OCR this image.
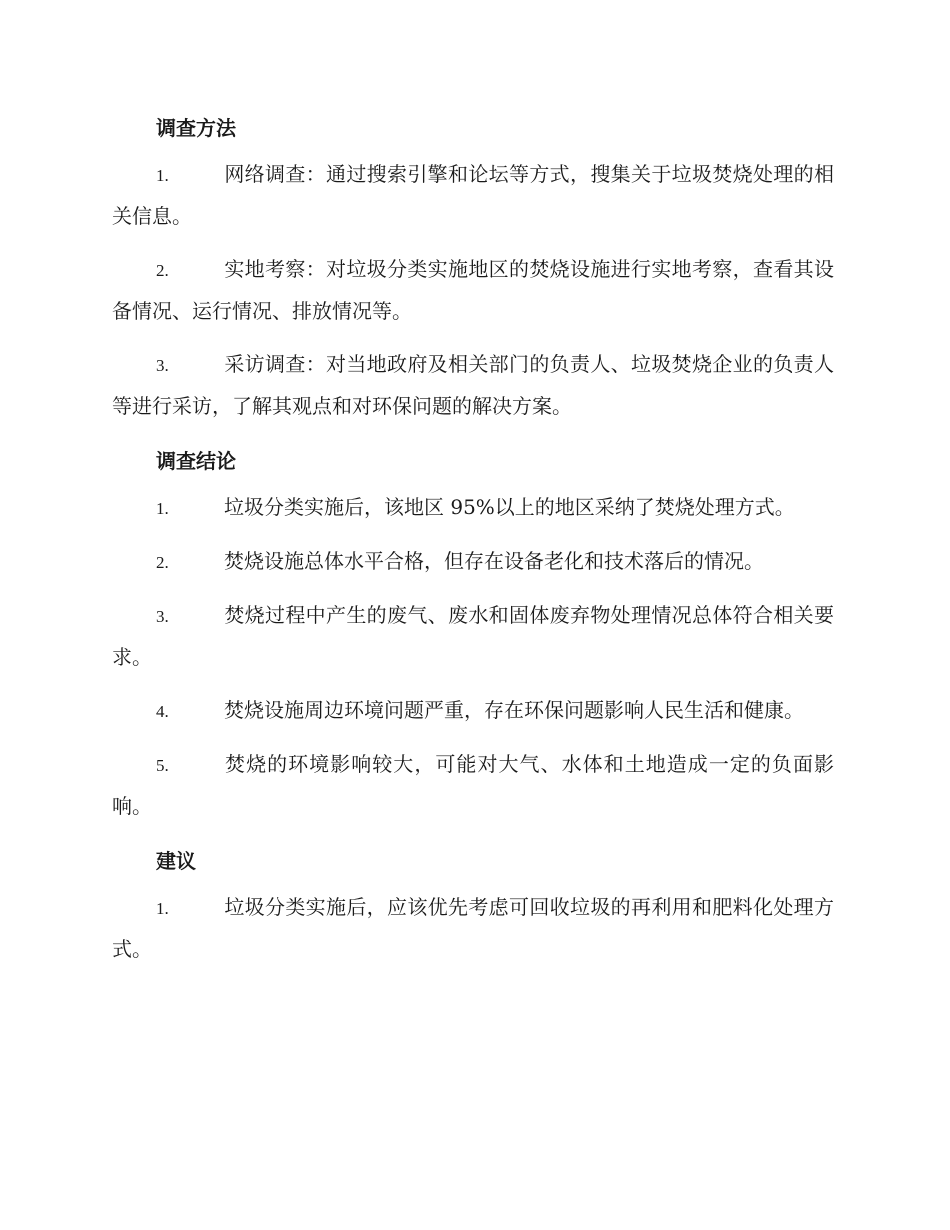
调查方法

1.	网络调查：通过搜索引擎和论坛等方式，搜集关于垃圾焚烧处理的相关信息。

2.	实地考察：对垃圾分类实施地区的焚烧设施进行实地考察，查看其设备情况、运行情况、排放情况等。

3.	采访调查：对当地政府及相关部门的负责人、垃圾焚烧企业的负责人等进行采访，了解其观点和对环保问题的解决方案。

调查结论

1.	垃圾分类实施后，该地区 95%以上的地区采纳了焚烧处理方式。

2.	焚烧设施总体水平合格，但存在设备老化和技术落后的情况。

3.	焚烧过程中产生的废气、废水和固体废弃物处理情况总体符合相关要求。

4.	焚烧设施周边环境问题严重，存在环保问题影响人民生活和健康。

5.	焚烧的环境影响较大，可能对大气、水体和土地造成一定的负面影响。

建议

1.	垃圾分类实施后，应该优先考虑可回收垃圾的再利用和肥料化处理方式。
